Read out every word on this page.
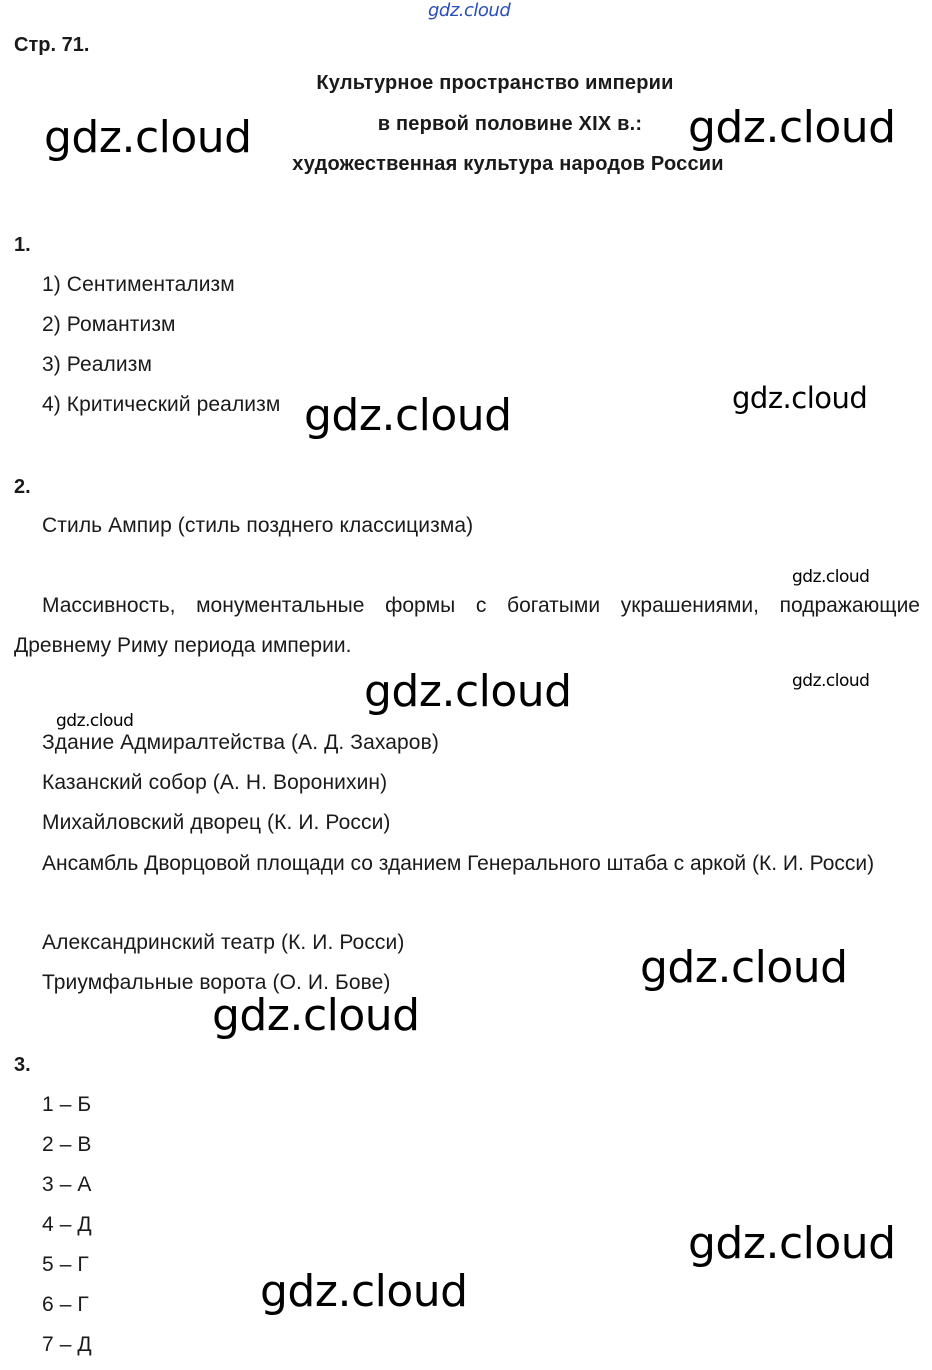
gdz.cloud
Стр. 71.
Культурное пространство империи
в первой половине XIX в.:
художественная культура народов России
1.
1) Сентиментализм
2) Романтизм
3) Реализм
4) Критический реализм
2.
Стиль Ампир (стиль позднего классицизма)
Массивность, монументальные формы с богатыми украшениями, подражающие Древнему Риму периода империи.
Здание Адмиралтейства (А. Д. Захаров)
Казанский собор (А. Н. Воронихин)
Михайловский дворец (К. И. Росси)
Ансамбль Дворцовой площади со зданием Генерального штаба с аркой (К. И. Росси)
Александринский театр (К. И. Росси)
Триумфальные ворота (О. И. Бове)
3.
1 – Б
2 – В
3 – А
4 – Д
5 – Г
6 – Г
7 – Д
gdz.cloud	gdz.cloud
gdz.cloud	gdz.cloud
gdz.cloud
gdz.cloud
gdz.cloud
gdz.cloud
gdz.cloud
gdz.cloud
gdz.cloud
gdz.cloud
